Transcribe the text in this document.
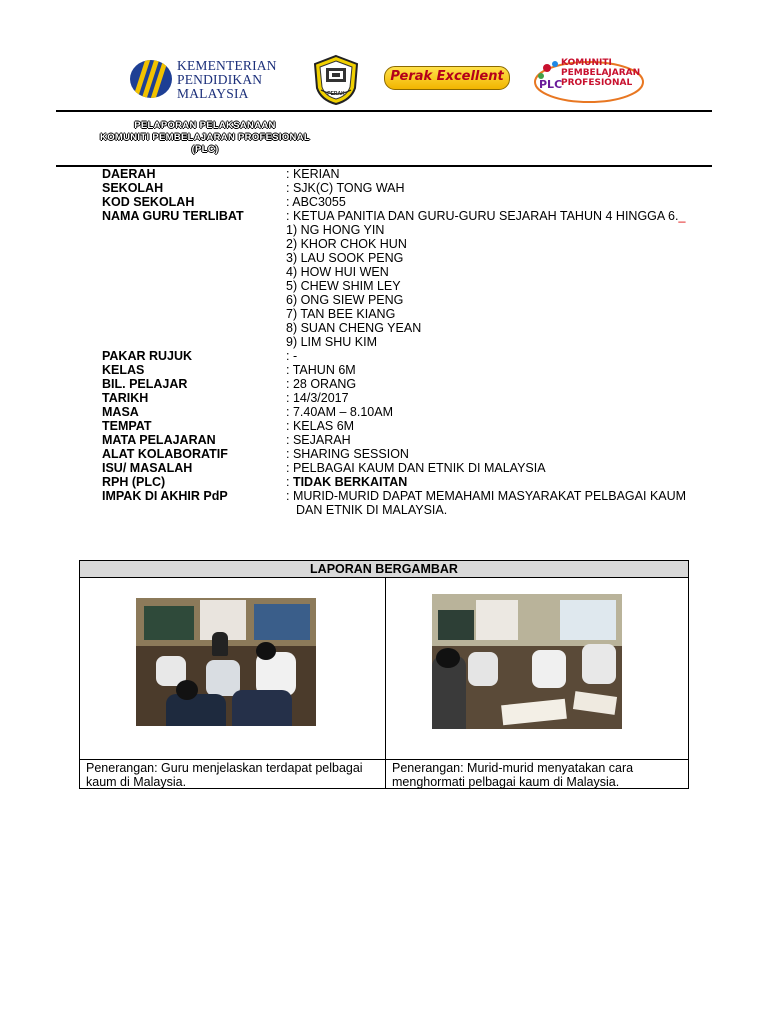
KEMENTERIAN
PENDIDIKAN
MALAYSIA	PERAK
Perak Excellent
PLC
KOMUNITI
PEMBELAJARAN
PROFESIONAL
PELAPORAN PELAKSANAAN
KOMUNITI PEMBELAJARAN PROFESIONAL
(PLC)
DAERAH	: KERIAN
SEKOLAH	: SJK(C) TONG WAH
KOD SEKOLAH	: ABC3055
NAMA GURU TERLIBAT	: KETUA PANITIA DAN GURU-GURU SEJARAH TAHUN 4 HINGGA 6._
1) NG HONG YIN
2) KHOR CHOK HUN
3) LAU SOOK PENG
4) HOW HUI WEN
5) CHEW SHIM LEY
6) ONG SIEW PENG
7) TAN BEE KIANG
8) SUAN CHENG YEAN
9) LIM SHU KIM
PAKAR RUJUK	: -
KELAS	: TAHUN 6M
BIL. PELAJAR	: 28 ORANG
TARIKH	: 14/3/2017
MASA	: 7.40AM – 8.10AM
TEMPAT	: KELAS 6M
MATA PELAJARAN	: SEJARAH
ALAT KOLABORATIF	: SHARING SESSION
ISU/ MASALAH	: PELBAGAI KAUM DAN ETNIK DI MALAYSIA
RPH (PLC)	: TIDAK BERKAITAN
IMPAK DI AKHIR PdP	: MURID-MURID DAPAT MEMAHAMI MASYARAKAT PELBAGAI KAUM
DAN ETNIK DI MALAYSIA.
LAPORAN BERGAMBAR
Penerangan: Guru menjelaskan terdapat pelbagai
kaum di Malaysia.
Penerangan: Murid-murid menyatakan cara
menghormati pelbagai kaum di Malaysia.
